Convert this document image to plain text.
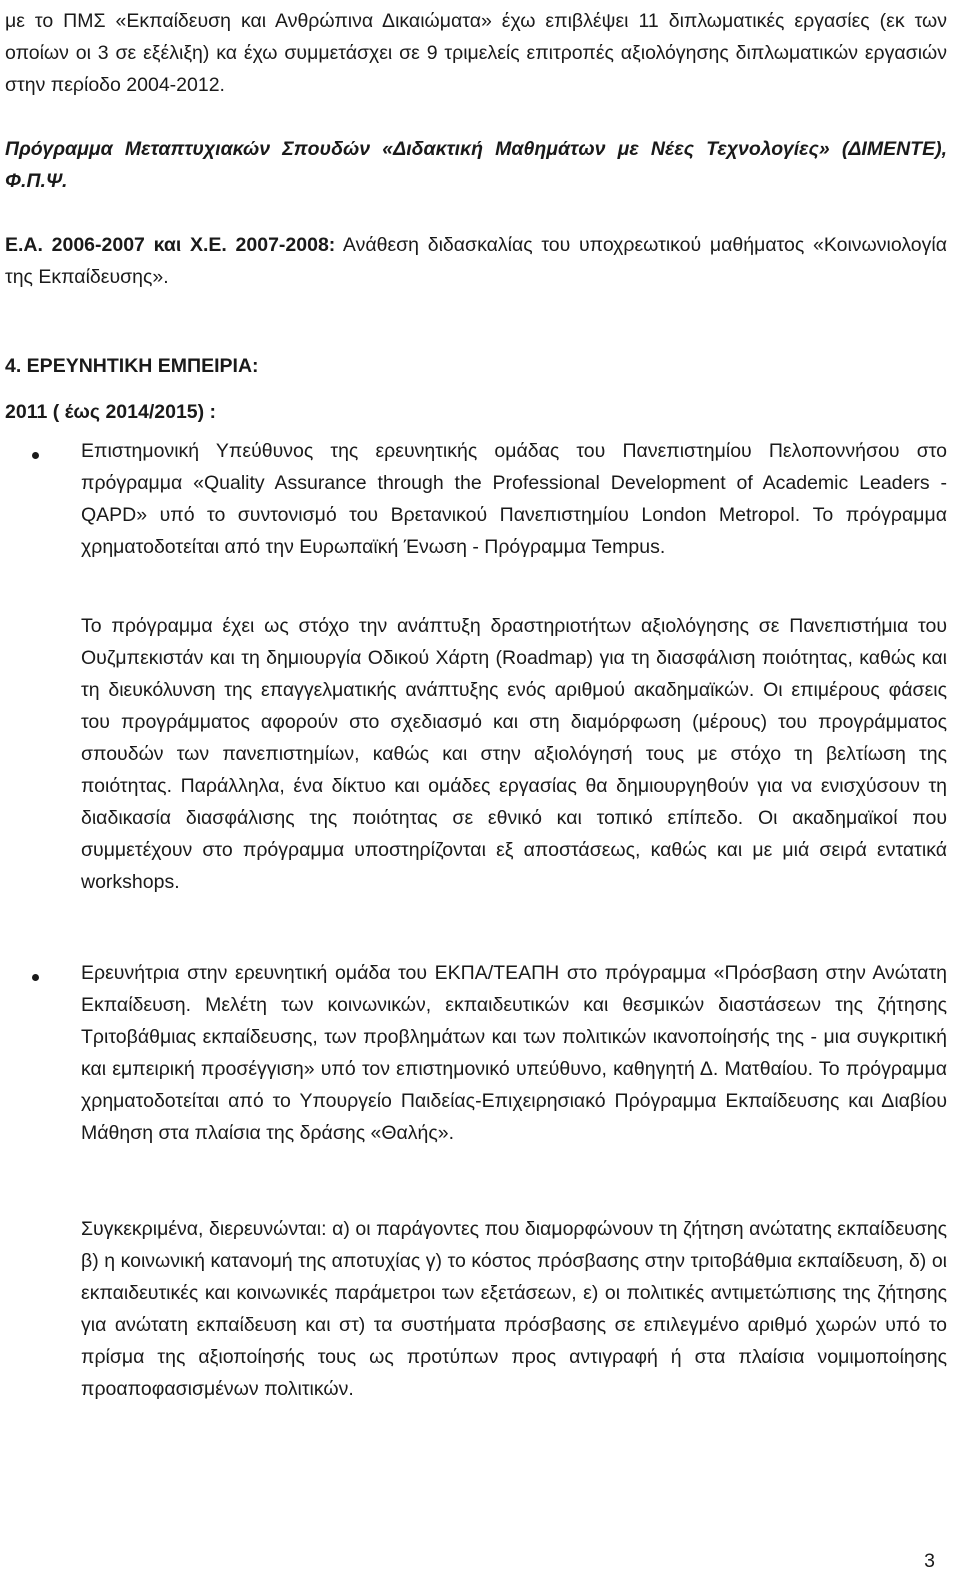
με το ΠΜΣ «Εκπαίδευση και Ανθρώπινα Δικαιώματα» έχω επιβλέψει 11 διπλωματικές εργασίες (εκ των οποίων οι 3 σε εξέλιξη) κα έχω συμμετάσχει σε 9 τριμελείς επιτροπές αξιολόγησης διπλωματικών εργασιών στην περίοδο 2004-2012.

Πρόγραμμα Μεταπτυχιακών Σπουδών «Διδακτική Μαθημάτων με Νέες Τεχνολογίες» (ΔΙΜΕΝΤΕ), Φ.Π.Ψ.

Ε.Α. 2006-2007 και Χ.Ε. 2007-2008: Ανάθεση διδασκαλίας του υποχρεωτικού μαθήματος «Κοινωνιολογία της Εκπαίδευσης».

4. ΕΡΕΥΝΗΤΙΚΗ ΕΜΠΕΙΡΙΑ:

2011 ( έως 2014/2015) :

Επιστημονική Υπεύθυνος της ερευνητικής ομάδας του Πανεπιστημίου Πελοποννήσου στο πρόγραμμα «Quality Assurance through the Professional Development of Academic Leaders - QAPD» υπό το συντονισμό του Βρετανικού Πανεπιστημίου London Metropol. Το πρόγραμμα χρηματοδοτείται από την Ευρωπαϊκή Ένωση - Πρόγραμμα Tempus.

Το πρόγραμμα έχει ως στόχο την ανάπτυξη δραστηριοτήτων αξιολόγησης σε Πανεπιστήμια του Ουζμπεκιστάν και τη δημιουργία Οδικού Χάρτη (Roadmap) για τη διασφάλιση ποιότητας, καθώς και τη διευκόλυνση της επαγγελματικής ανάπτυξης ενός αριθμού ακαδημαϊκών. Οι επιμέρους φάσεις του προγράμματος αφορούν στο σχεδιασμό και στη διαμόρφωση (μέρους) του προγράμματος σπουδών των πανεπιστημίων, καθώς και στην αξιολόγησή τους με στόχο τη βελτίωση της ποιότητας. Παράλληλα, ένα δίκτυο και ομάδες εργασίας θα δημιουργηθούν για να ενισχύσουν τη διαδικασία διασφάλισης της ποιότητας σε εθνικό και τοπικό επίπεδο. Οι ακαδημαϊκοί που συμμετέχουν στο πρόγραμμα υποστηρίζονται εξ αποστάσεως, καθώς και με μιά σειρά εντατικά workshops.

Ερευνήτρια στην ερευνητική ομάδα του ΕΚΠΑ/ΤΕΑΠΗ στο πρόγραμμα «Πρόσβαση στην Ανώτατη Εκπαίδευση. Μελέτη των κοινωνικών, εκπαιδευτικών και θεσμικών διαστάσεων της ζήτησης Τριτοβάθμιας εκπαίδευσης, των προβλημάτων και των πολιτικών ικανοποίησής της - μια συγκριτική και εμπειρική προσέγγιση» υπό τον επιστημονικό υπεύθυνο, καθηγητή Δ. Ματθαίου. Το πρόγραμμα χρηματοδοτείται από το Υπουργείο Παιδείας-Επιχειρησιακό Πρόγραμμα Εκπαίδευσης και Διαβίου Μάθηση στα πλαίσια της δράσης «Θαλής».

Συγκεκριμένα, διερευνώνται: α) οι παράγοντες που διαμορφώνουν τη ζήτηση ανώτατης εκπαίδευσης β) η κοινωνική κατανομή της αποτυχίας γ) το κόστος πρόσβασης στην τριτοβάθμια εκπαίδευση, δ) οι εκπαιδευτικές και κοινωνικές παράμετροι των εξετάσεων, ε) οι πολιτικές αντιμετώπισης της ζήτησης για ανώτατη εκπαίδευση και στ) τα συστήματα πρόσβασης σε επιλεγμένο αριθμό χωρών υπό το πρίσμα της αξιοποίησής τους ως προτύπων προς αντιγραφή ή στα πλαίσια νομιμοποίησης προαποφασισμένων πολιτικών.

3
